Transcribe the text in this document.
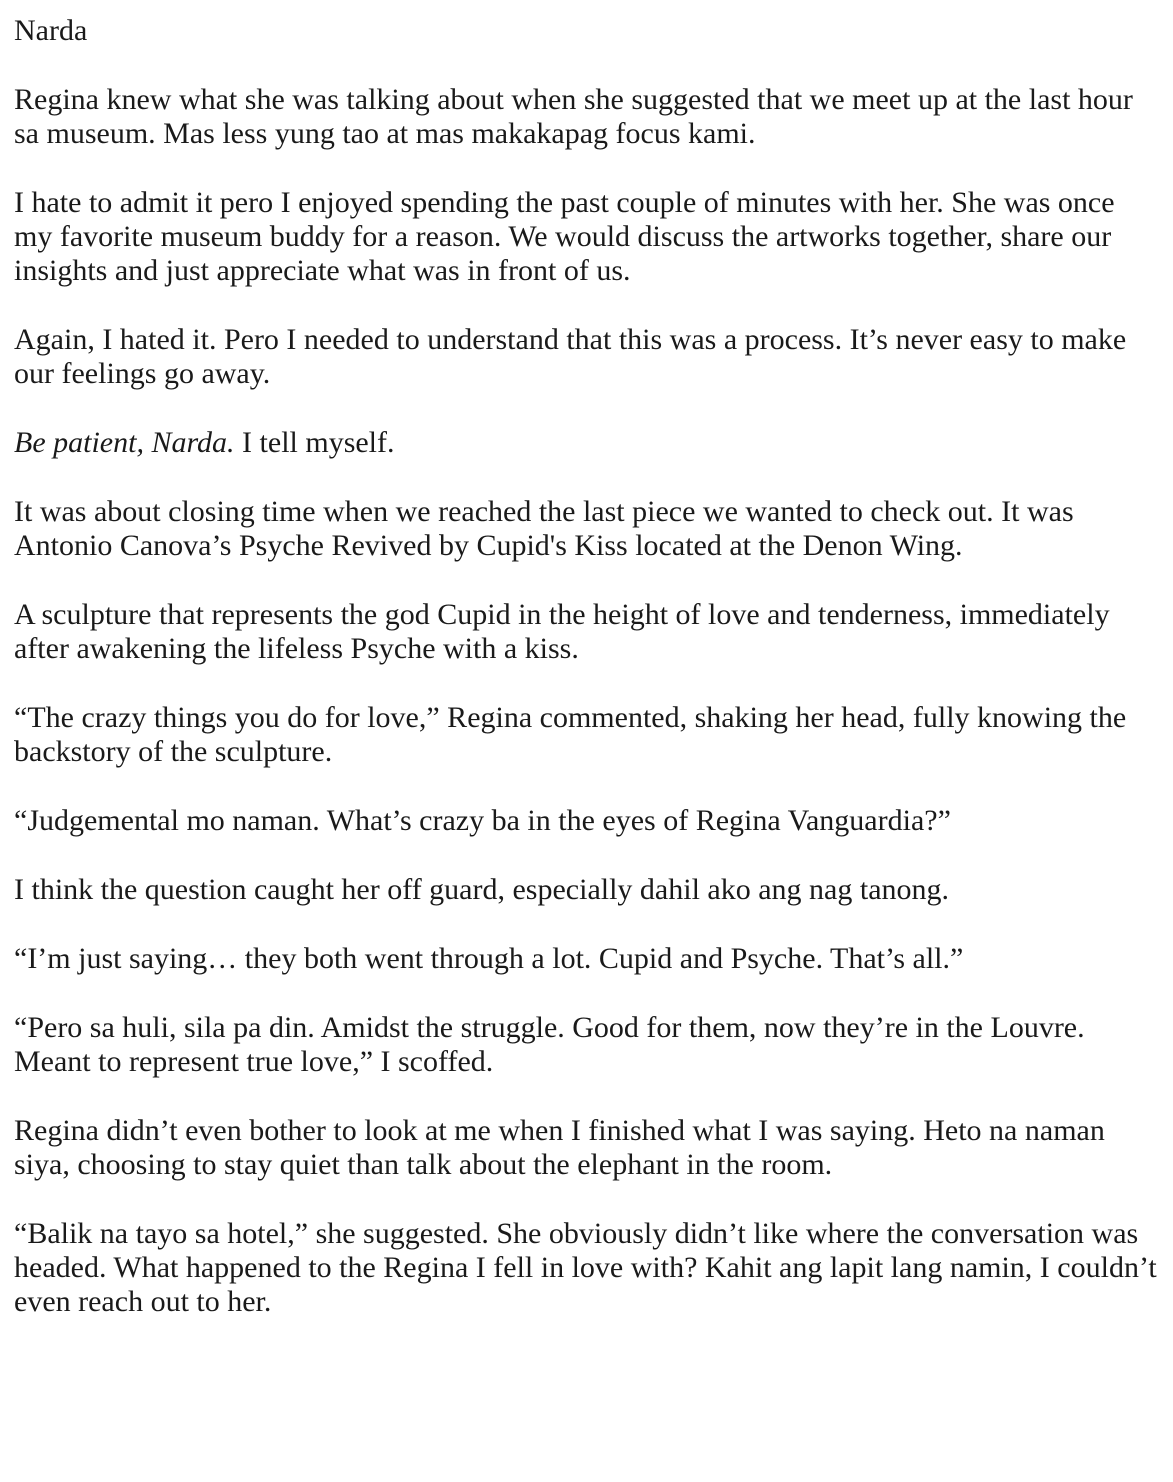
Narda

Regina knew what she was talking about when she suggested that we meet up at the last hour sa museum. Mas less yung tao at mas makakapag focus kami.

I hate to admit it pero I enjoyed spending the past couple of minutes with her. She was once my favorite museum buddy for a reason. We would discuss the artworks together, share our insights and just appreciate what was in front of us.

Again, I hated it. Pero I needed to understand that this was a process. It’s never easy to make our feelings go away.

Be patient, Narda. I tell myself.

It was about closing time when we reached the last piece we wanted to check out. It was Antonio Canova’s Psyche Revived by Cupid's Kiss located at the Denon Wing.

A sculpture that represents the god Cupid in the height of love and tenderness, immediately after awakening the lifeless Psyche with a kiss.

“The crazy things you do for love,” Regina commented, shaking her head, fully knowing the backstory of the sculpture.

“Judgemental mo naman. What’s crazy ba in the eyes of Regina Vanguardia?”

I think the question caught her off guard, especially dahil ako ang nag tanong.

“I’m just saying… they both went through a lot. Cupid and Psyche. That’s all.”

“Pero sa huli, sila pa din. Amidst the struggle. Good for them, now they’re in the Louvre. Meant to represent true love,” I scoffed.

Regina didn’t even bother to look at me when I finished what I was saying. Heto na naman siya, choosing to stay quiet than talk about the elephant in the room.

“Balik na tayo sa hotel,” she suggested. She obviously didn’t like where the conversation was headed. What happened to the Regina I fell in love with? Kahit ang lapit lang namin, I couldn’t even reach out to her.
